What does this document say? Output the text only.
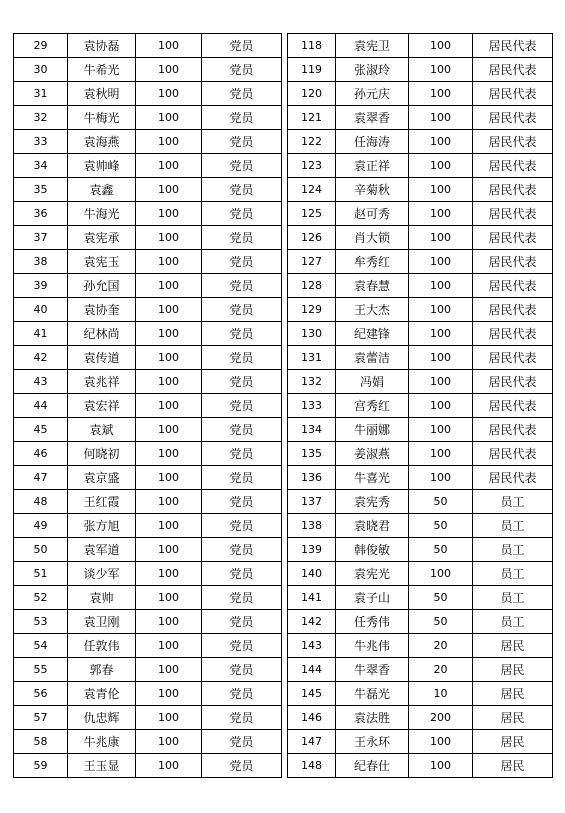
29	袁协磊	100	党员
30	牛希光	100	党员
31	袁秋明	100	党员
32	牛梅光	100	党员
33	袁海燕	100	党员
34	袁帅峰	100	党员
35	袁鑫	100	党员
36	牛海光	100	党员
37	袁宪承	100	党员
38	袁宪玉	100	党员
39	孙允国	100	党员
40	袁协奎	100	党员
41	纪林尚	100	党员
42	袁传道	100	党员
43	袁兆祥	100	党员
44	袁宏祥	100	党员
45	袁斌	100	党员
46	何晓初	100	党员
47	袁京盛	100	党员
48	王红霞	100	党员
49	张方旭	100	党员
50	袁军道	100	党员
51	谈少军	100	党员
52	袁帅	100	党员
53	袁卫刚	100	党员
54	任敦伟	100	党员
55	郭春	100	党员
56	袁青伦	100	党员
57	仇忠辉	100	党员
58	牛兆康	100	党员
59	王玉显	100	党员
118	袁宪卫	100	居民代表
119	张淑玲	100	居民代表
120	孙元庆	100	居民代表
121	袁翠香	100	居民代表
122	任海涛	100	居民代表
123	袁正祥	100	居民代表
124	辛菊秋	100	居民代表
125	赵可秀	100	居民代表
126	肖大锁	100	居民代表
127	牟秀红	100	居民代表
128	袁春慧	100	居民代表
129	王大杰	100	居民代表
130	纪建锋	100	居民代表
131	袁蕾洁	100	居民代表
132	冯娟	100	居民代表
133	宫秀红	100	居民代表
134	牛丽娜	100	居民代表
135	姜淑燕	100	居民代表
136	牛喜光	100	居民代表
137	袁宪秀	50	员工
138	袁晓君	50	员工
139	韩俊敏	50	员工
140	袁宪光	100	员工
141	袁子山	50	员工
142	任秀伟	50	员工
143	牛兆伟	20	居民
144	牛翠香	20	居民
145	牛磊光	10	居民
146	袁法胜	200	居民
147	王永环	100	居民
148	纪春仕	100	居民
